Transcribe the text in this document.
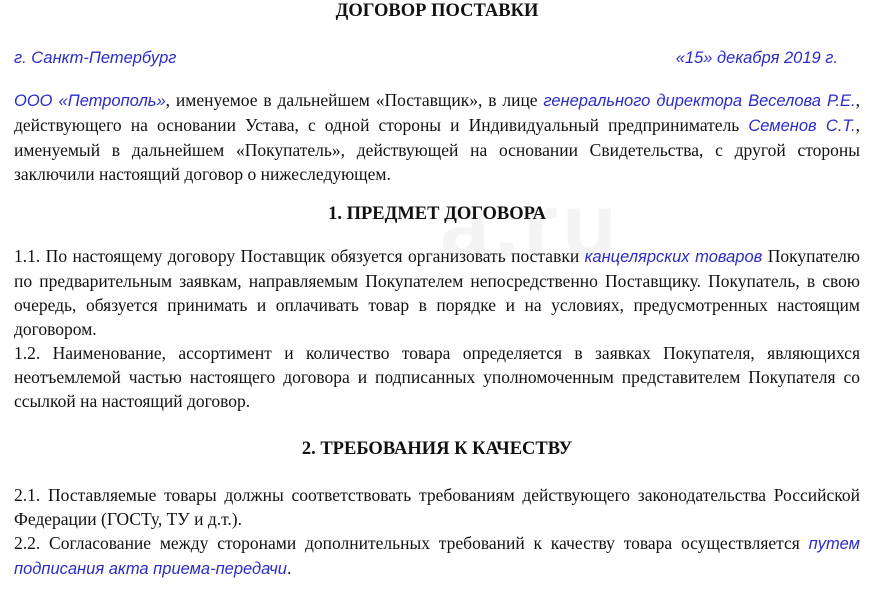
ДОГОВОР ПОСТАВКИ
г. Санкт-Петербург	«15» декабря 2019 г.

ООО «Петрополь», именуемое в дальнейшем «Поставщик», в лице генерального директора Веселова Р.Е., действующего на основании Устава, с одной стороны и Индивидуальный предприниматель Семенов С.Т., именуемый в дальнейшем «Покупатель», действующей на основании Свидетельства, с другой стороны заключили настоящий договор о нижеследующем.

1. ПРЕДМЕТ ДОГОВОРА

1.1. По настоящему договору Поставщик обязуется организовать поставки канцелярских товаров Покупателю по предварительным заявкам, направляемым Покупателем непосредственно Поставщику. Покупатель, в свою очередь, обязуется принимать и оплачивать товар в порядке и на условиях, предусмотренных настоящим договором.

1.2. Наименование, ассортимент и количество товара определяется в заявках Покупателя, являющихся неотъемлемой частью настоящего договора и подписанных уполномоченным представителем Покупателя со ссылкой на настоящий договор.

2. ТРЕБОВАНИЯ К КАЧЕСТВУ

2.1. Поставляемые товары должны соответствовать требованиям действующего законодательства Российской Федерации (ГОСТу, ТУ и д.т.).

2.2. Согласование между сторонами дополнительных требований к качеству товара осуществляется путем подписания акта приема-передачи.
